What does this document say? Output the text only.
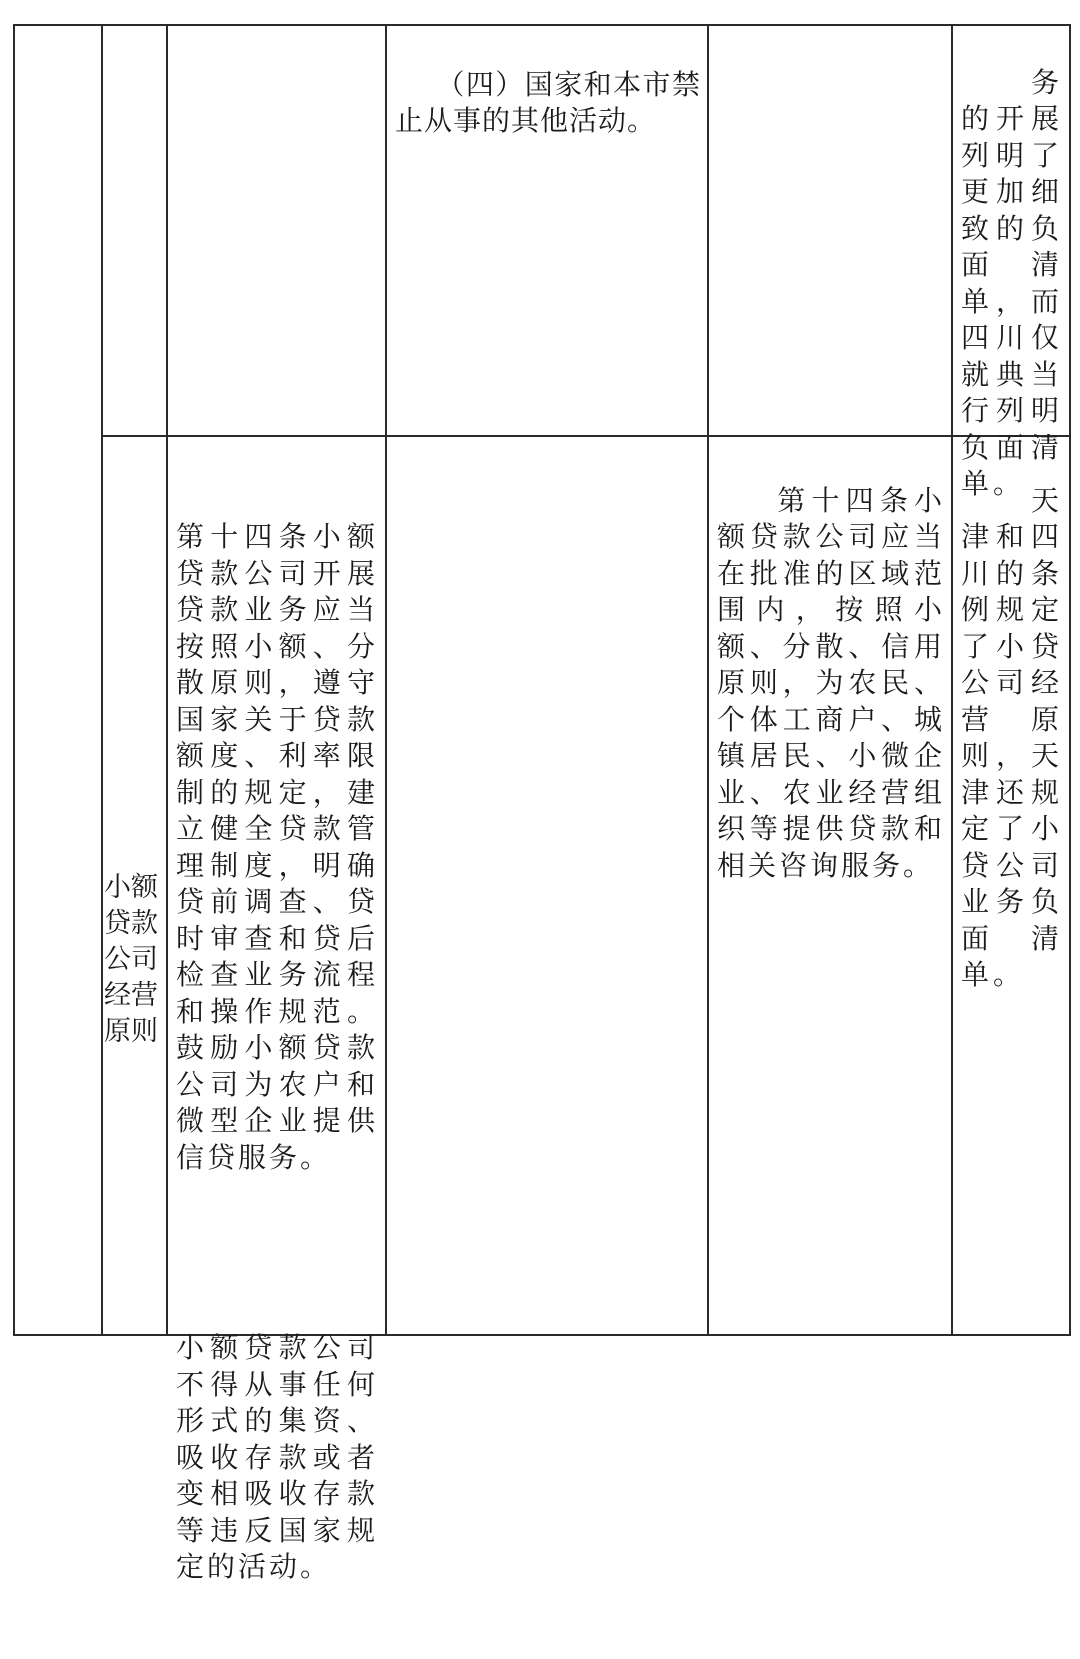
（四）国家和本市禁止从事的其他活动。

务的开展列明了更加细致的负面清单，而四川仅就典当行列明负面清单。

小额贷款公司经营原则

第十四条小额贷款公司开展贷款业务应当按照小额、分散原则，遵守国家关于贷款额度、利率限制的规定，建立健全贷款管理制度，明确贷前调查、贷时审查和贷后检查业务流程和操作规范。鼓励小额贷款公司为农户和微型企业提供信贷服务。

小额贷款公司不得从事任何形式的集资、吸收存款或者变相吸收存款等违反国家规定的活动。

第十四条小额贷款公司应当在批准的区域范围内，按照小额、分散、信用原则，为农民、个体工商户、城镇居民、小微企业、农业经营组织等提供贷款和相关咨询服务。

天津和四川的条例规定了小贷公司经营原则，天津还规定了小贷公司业务负面清单。
